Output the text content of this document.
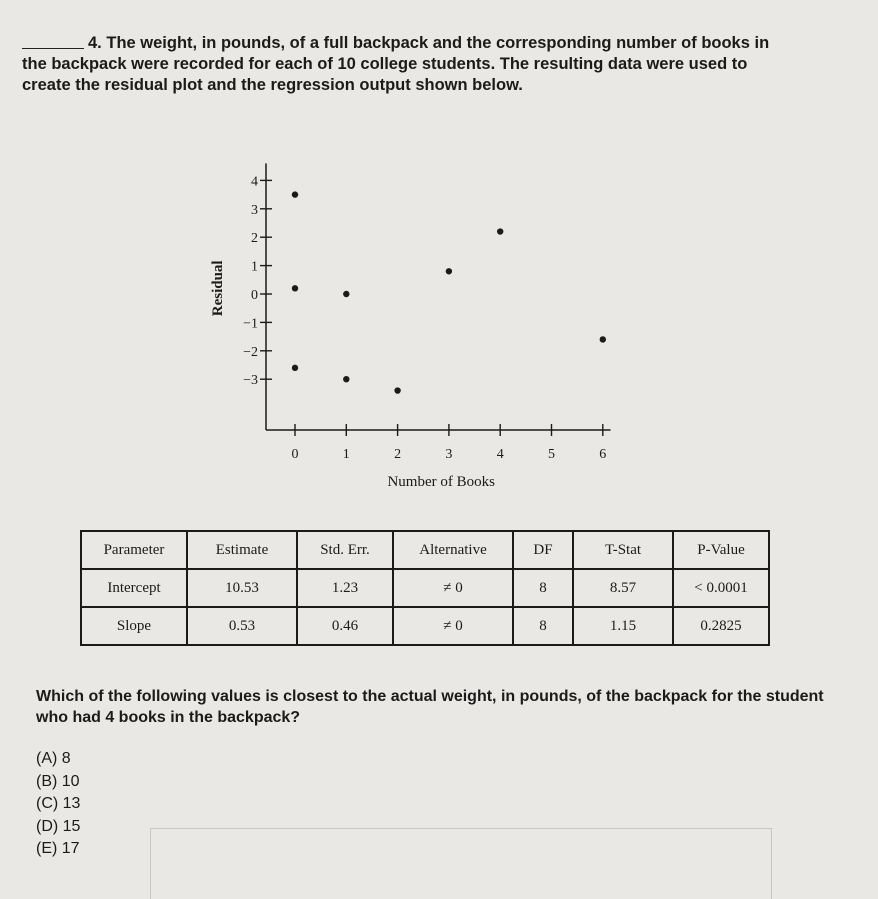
4. The weight, in pounds, of a full backpack and the corresponding number of books in the backpack were recorded for each of 10 college students. The resulting data were used to create the residual plot and the regression output shown below.
−3
−2
−1
0
1
2
3
4
0	1	2	3	4	5	6
Number of Books
Residual
Parameter	Estimate	Std. Err.	Alternative	DF	T-Stat	P-Value
Intercept	10.53	1.23	≠ 0	8	8.57	< 0.0001
Slope	0.53	0.46	≠ 0	8	1.15	0.2825
Which of the following values is closest to the actual weight, in pounds, of the backpack for the student who had 4 books in the backpack?
(A) 8
(B) 10
(C) 13
(D) 15
(E) 17
